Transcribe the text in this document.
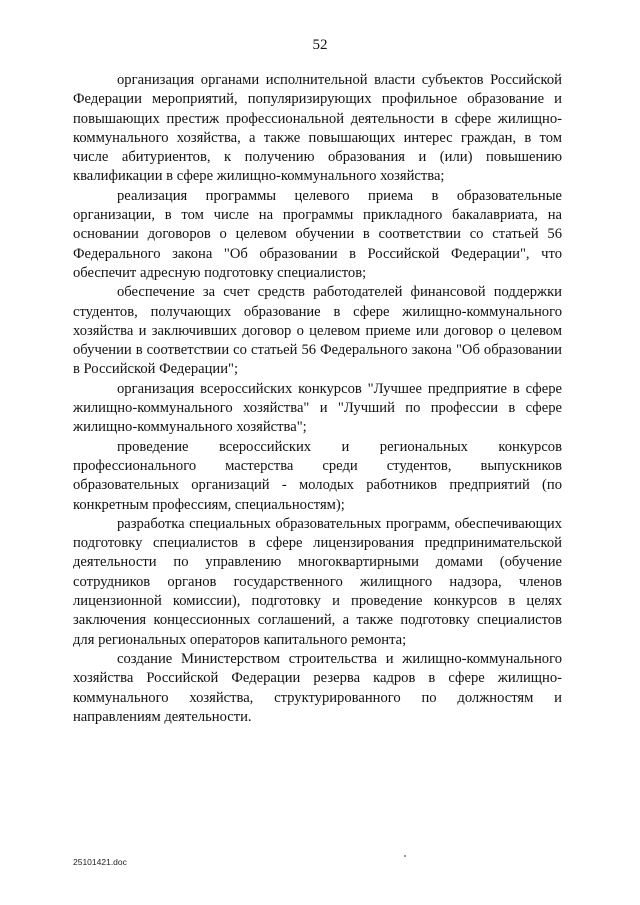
52

организация органами исполнительной власти субъектов Российской Федерации мероприятий, популяризирующих профильное образование и повышающих престиж профессиональной деятельности в сфере жилищно-коммунального хозяйства, а также повышающих интерес граждан, в том числе абитуриентов, к получению образования и (или) повышению квалификации в сфере жилищно-коммунального хозяйства;

реализация программы целевого приема в образовательные организации, в том числе на программы прикладного бакалавриата, на основании договоров о целевом обучении в соответствии со статьей 56 Федерального закона "Об образовании в Российской Федерации", что обеспечит адресную подготовку специалистов;

обеспечение за счет средств работодателей финансовой поддержки студентов, получающих образование в сфере жилищно-коммунального хозяйства и заключивших договор о целевом приеме или договор о целевом обучении в соответствии со статьей 56 Федерального закона "Об образовании в Российской Федерации";

организация всероссийских конкурсов "Лучшее предприятие в сфере жилищно-коммунального хозяйства" и "Лучший по профессии в сфере жилищно-коммунального хозяйства";

проведение всероссийских и региональных конкурсов профессионального мастерства среди студентов, выпускников образовательных организаций - молодых работников предприятий (по конкретным профессиям, специальностям);

разработка специальных образовательных программ, обеспечивающих подготовку специалистов в сфере лицензирования предпринимательской деятельности по управлению многоквартирными домами (обучение сотрудников органов государственного жилищного надзора, членов лицензионной комиссии), подготовку и проведение конкурсов в целях заключения концессионных соглашений, а также подготовку специалистов для региональных операторов капитального ремонта;

создание Министерством строительства и жилищно-коммунального хозяйства Российской Федерации резерва кадров в сфере жилищно-коммунального хозяйства, структурированного по должностям и направлениям деятельности.

25101421.doc
